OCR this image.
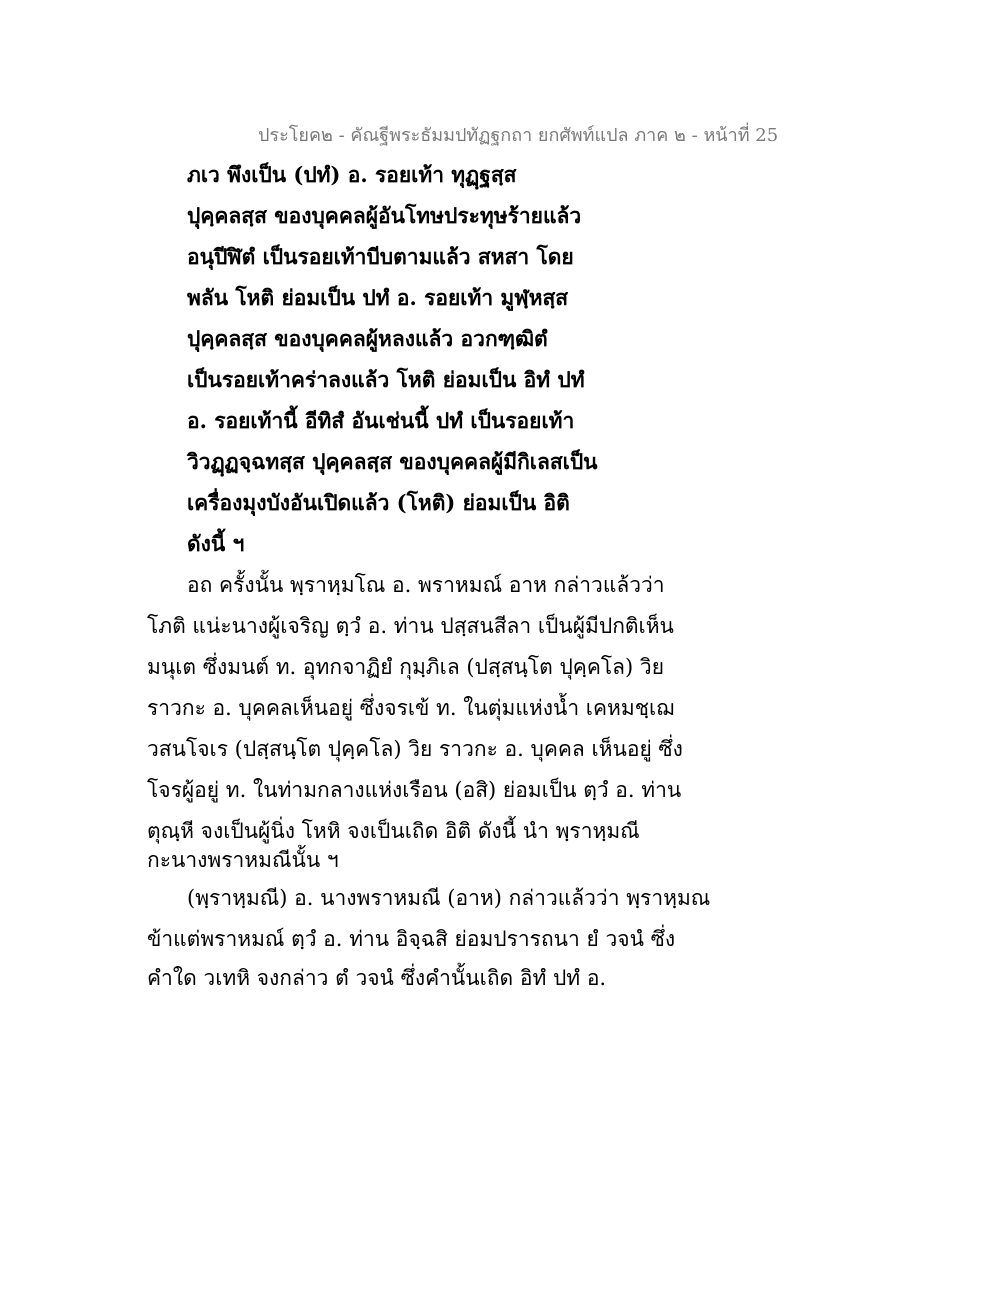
ประโยค๒ - คัณฐีพระธัมมปทัฏฐกถา ยกศัพท์แปล ภาค ๒ - หน้าที่ 25
ภเว พึงเป็น (ปทํ) อ. รอยเท้า ทุฏฺฐสฺส
ปุคฺคลสฺส ของบุคคลผู้อันโทษประทุษร้ายแล้ว
อนุปีฬิตํ เป็นรอยเท้าบีบตามแล้ว สหสา โดย
พลัน โหติ ย่อมเป็น ปทํ อ. รอยเท้า มูฬฺหสฺส
ปุคฺคลสฺส ของบุคคลผู้หลงแล้ว อวกฑฺฒิตํ
เป็นรอยเท้าคร่าลงแล้ว โหติ ย่อมเป็น อิทํ ปทํ
อ. รอยเท้านี้ อีทิสํ อันเช่นนี้ ปทํ เป็นรอยเท้า
วิวฏฺฏจฺฉทสฺส ปุคฺคลสฺส ของบุคคลผู้มีกิเลสเป็น
เครื่องมุงบังอันเปิดแล้ว (โหติ) ย่อมเป็น อิติ
ดังนี้ ฯ
อถ ครั้งนั้น พฺราหฺมโณ อ. พราหมณ์ อาห กล่าวแล้วว่า
โภติ แน่ะนางผู้เจริญ ตฺวํ อ. ท่าน ปสฺสนสีลา เป็นผู้มีปกติเห็น
มนุเต ซึ่งมนต์ ท. อุทกจาฏิยํ กุมฺภิเล (ปสฺสนฺโต ปุคฺคโล) วิย
ราวกะ อ. บุคคลเห็นอยู่ ซึ่งจรเข้ ท. ในตุ่มแห่งน้ำ เคหมชฺเฌ
วสนโจเร (ปสฺสนฺโต ปุคฺคโล) วิย ราวกะ อ. บุคคล เห็นอยู่ ซึ่ง
โจรผู้อยู่ ท. ในท่ามกลางแห่งเรือน (อสิ) ย่อมเป็น ตฺวํ อ. ท่าน
ตุณฺหี จงเป็นผู้นิ่ง โหหิ จงเป็นเถิด อิติ ดังนี้ นำ พฺราหฺมณี
กะนางพราหมณีนั้น ฯ
(พฺราหฺมณี) อ. นางพราหมณี (อาห) กล่าวแล้วว่า พฺราหฺมณ
ข้าแต่พราหมณ์ ตฺวํ อ. ท่าน อิจฺฉสิ ย่อมปรารถนา ยํ วจนํ ซึ่ง
คำใด วเทหิ จงกล่าว ตํ วจนํ ซึ่งคำนั้นเถิด อิทํ ปทํ อ.
